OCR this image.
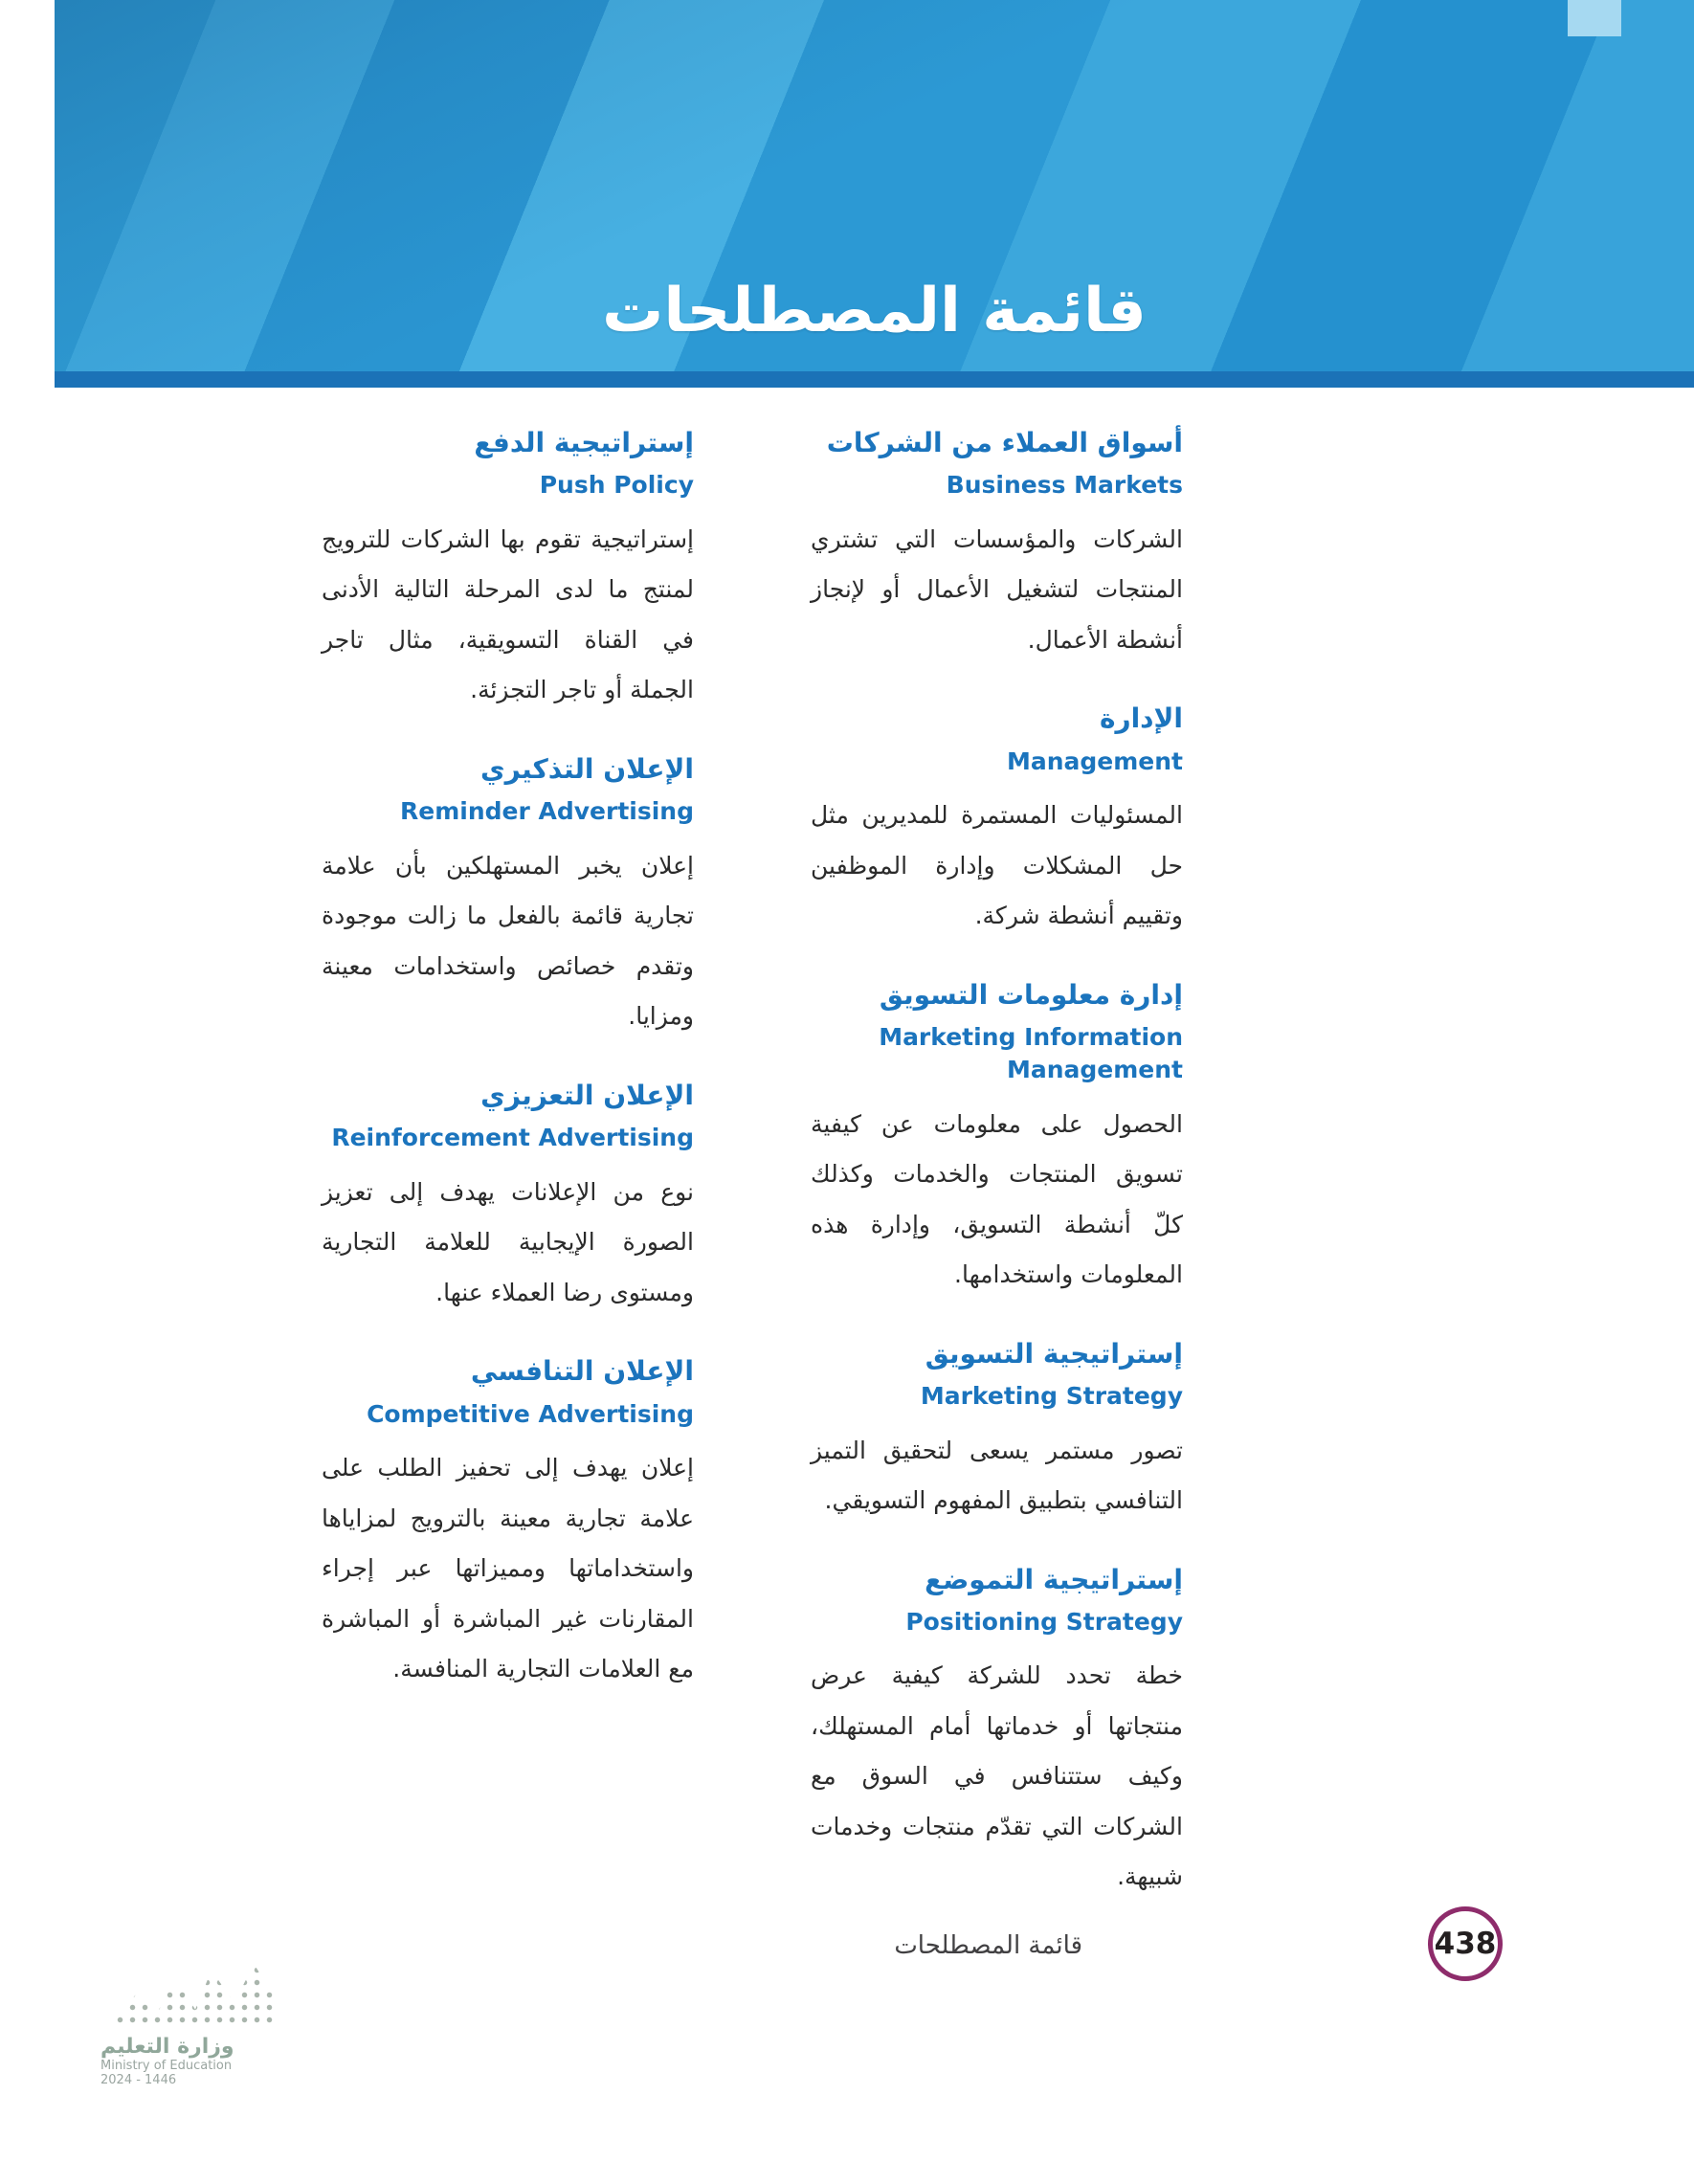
قائمة المصطلحات
أسواق العملاء من الشركات
Business Markets

الشركات والمؤسسات التي تشتري المنتجات لتشغيل الأعمال أو لإنجاز أنشطة الأعمال.

الإدارة
Management

المسئوليات المستمرة للمديرين مثل حل المشكلات وإدارة الموظفين وتقييم أنشطة شركة.

إدارة معلومات التسويق
Marketing Information Management

الحصول على معلومات عن كيفية تسويق المنتجات والخدمات وكذلك كلّ أنشطة التسويق، وإدارة هذه المعلومات واستخدامها.

إستراتيجية التسويق
Marketing Strategy

تصور مستمر يسعى لتحقيق التميز التنافسي بتطبيق المفهوم التسويقي.

إستراتيجية التموضع
Positioning Strategy

خطة تحدد للشركة كيفية عرض منتجاتها أو خدماتها أمام المستهلك، وكيف ستتنافس في السوق مع الشركات التي تقدّم منتجات وخدمات شبيهة.

إستراتيجية الدفع
Push Policy

إستراتيجية تقوم بها الشركات للترويج لمنتج ما لدى المرحلة التالية الأدنى في القناة التسويقية، مثال تاجر الجملة أو تاجر التجزئة.

الإعلان التذكيري
Reminder Advertising

إعلان يخبر المستهلكين بأن علامة تجارية قائمة بالفعل ما زالت موجودة وتقدم خصائص واستخدامات معينة ومزايا.

الإعلان التعزيزي
Reinforcement Advertising

نوع من الإعلانات يهدف إلى تعزيز الصورة الإيجابية للعلامة التجارية ومستوى رضا العملاء عنها.

الإعلان التنافسي
Competitive Advertising

إعلان يهدف إلى تحفيز الطلب على علامة تجارية معينة بالترويج لمزاياها واستخداماتها ومميزاتها عبر إجراء المقارنات غير المباشرة أو المباشرة مع العلامات التجارية المنافسة.

قائمة المصطلحات	438
وزارة التعليم
Ministry of Education
2024 - 1446
